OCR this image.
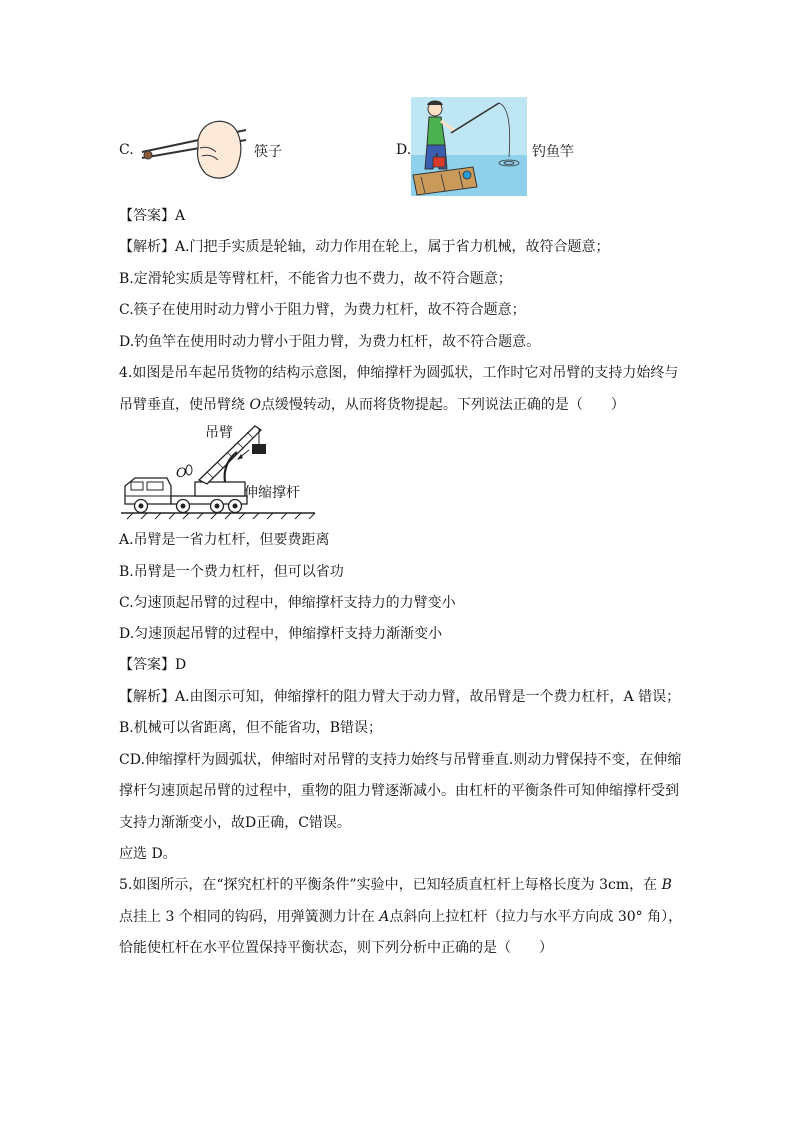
C.	筷子	D.	钓鱼竿
【答案】A
【解析】A.门把手实质是轮轴，动力作用在轮上，属于省力机械，故符合题意；
B.定滑轮实质是等臂杠杆，不能省力也不费力，故不符合题意；
C.筷子在使用时动力臂小于阻力臂，为费力杠杆，故不符合题意；
D.钓鱼竿在使用时动力臂小于阻力臂，为费力杠杆，故不符合题意。
4.如图是吊车起吊货物的结构示意图，伸缩撑杆为圆弧状，工作时它对吊臂的支持力始终与
吊臂垂直，使吊臂绕 O点缓慢转动，从而将货物提起。下列说法正确的是（　　）
吊臂
O
伸缩撑杆
A.吊臂是一省力杠杆，但要费距离
B.吊臂是一个费力杠杆，但可以省功
C.匀速顶起吊臂的过程中，伸缩撑杆支持力的力臂变小
D.匀速顶起吊臂的过程中，伸缩撑杆支持力渐渐变小
【答案】D
【解析】A.由图示可知，伸缩撑杆的阻力臂大于动力臂，故吊臂是一个费力杠杆，A 错误；
B.机械可以省距离，但不能省功，B错误；
CD.伸缩撑杆为圆弧状，伸缩时对吊臂的支持力始终与吊臂垂直.则动力臂保持不变，在伸缩
撑杆匀速顶起吊臂的过程中，重物的阻力臂逐渐减小。由杠杆的平衡条件可知伸缩撑杆受到
支持力渐渐变小，故D正确，C错误。
应选 D。
5.如图所示，在“探究杠杆的平衡条件”实验中，已知轻质直杠杆上每格长度为 3cm，在 B
点挂上 3 个相同的钩码，用弹簧测力计在 A点斜向上拉杠杆（拉力与水平方向成 30° 角），
恰能使杠杆在水平位置保持平衡状态，则下列分析中正确的是（　　）
